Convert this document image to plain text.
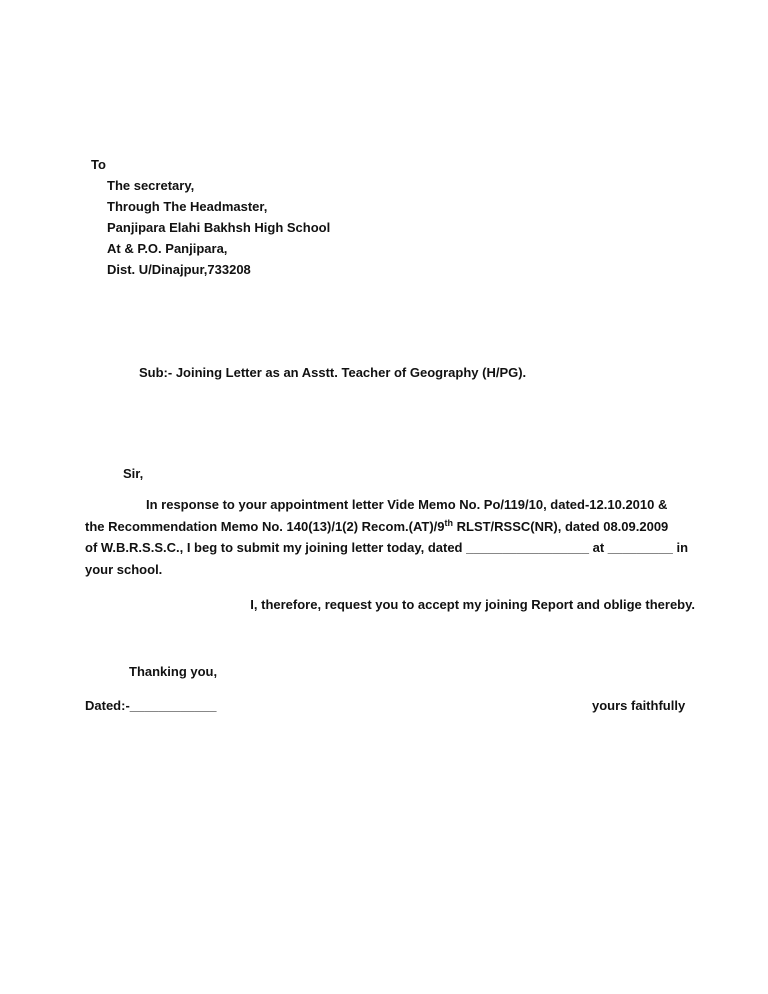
To
The secretary,
Through The Headmaster,
Panjipara Elahi Bakhsh High School
At & P.O. Panjipara,
Dist. U/Dinajpur,733208
Sub:- Joining Letter as an Asstt. Teacher of Geography (H/PG).
Sir,
In response to your appointment letter Vide Memo No. Po/119/10, dated-12.10.2010 &
the Recommendation Memo No. 140(13)/1(2) Recom.(AT)/9th RLST/RSSC(NR), dated 08.09.2009
of W.B.R.S.S.C., I beg to submit my joining letter today, dated _________________ at _________ in
your school.
I, therefore, request you to accept my joining Report and oblige thereby.
Thanking you,
Dated:-____________	yours faithfully
